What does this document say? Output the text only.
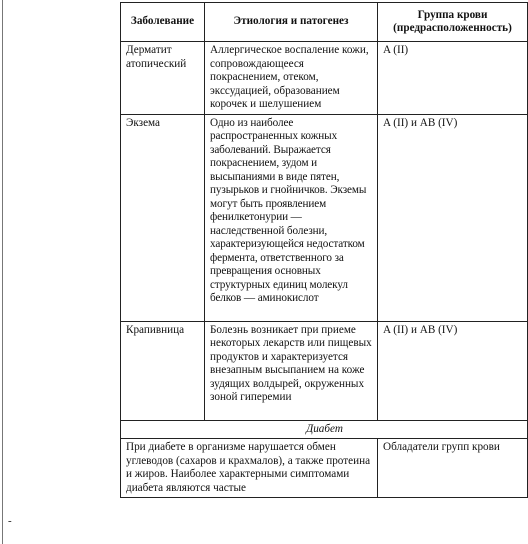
Заболевание	Этиология и патогенез	Группа крови (предрасположенность)
Дерматит атопический	Аллергическое воспаление кожи, сопровождающееся покраснением, отеком, экссудацией, образованием корочек и шелушением	A (II)
Экзема	Одно из наиболее распространенных кожных заболеваний. Выражается покраснением, зудом и высыпаниями в виде пятен, пузырьков и гнойничков. Экземы могут быть проявлением фенилкетонурии — наследственной болезни, характеризующейся недостатком фермента, ответственного за превращения основных структурных единиц молекул белков — аминокислот	A (II) и AB (IV)
Крапивница	Болезнь возникает при приеме некоторых лекарств или пищевых продуктов и характеризуется внезапным высыпанием на коже зудящих волдырей, окруженных зоной гиперемии	A (II) и AB (IV)
Диабет		
При диабете в организме нарушается обмен углеводов (сахаров и крахмалов), а также протеина и жиров. Наиболее характерными симптомами диабета являются частые		Обладатели групп крови
-
